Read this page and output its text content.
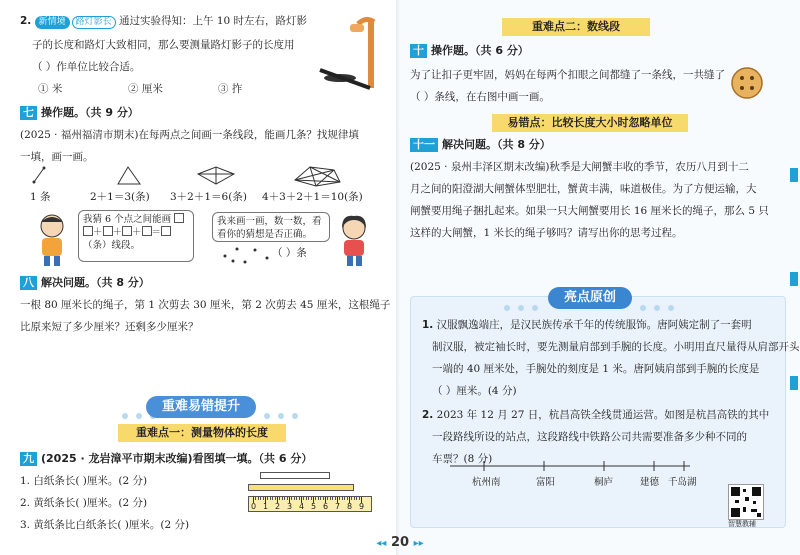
2. 新情境 路灯影长 通过实验得知：上午 10 时左右，路灯影
子的长度和路灯大致相同，那么要测量路灯影子的长度用
（ ）作单位比较合适。
① 米	② 厘米	③ 拃
七 操作题。（共 9 分）
(2025 · 福州福清市期末)在每两点之间画一条线段，能画几条？找规律填
一填，画一画。
1 条	2＋1＝3(条) 3＋2＋1＝6(条) 4＋3＋2＋1＝10(条)
我猜 6 个点之间能画
＋ ＋ ＋ ＝
（条）线段。
我来画一画，数一数，看
看你的猜想是否正确。
（ ）条
八 解决问题。（共 8 分）
一根 80 厘米长的绳子，第 1 次剪去 30 厘米，第 2 次剪去 45 厘米，这根绳子
比原来短了多少厘米？还剩多少厘米？
重难易错提升
重难点一：测量物体的长度
九 (2025 · 龙岩漳平市期末改编)看图填一填。（共 6 分）
1. 白纸条长( )厘米。(2 分)
2. 黄纸条长( )厘米。(2 分)
3. 黄纸条比白纸条长( )厘米。(2 分)
0 1 2 3 4 5 6 7 8 9
重难点二：数线段
十 操作题。（共 6 分）
为了让扣子更牢固，妈妈在每两个扣眼之间都缝了一条线，一共缝了
（ ）条线，在右图中画一画。
易错点：比较长度大小时忽略单位
十一 解决问题。（共 8 分）
(2025 · 泉州丰泽区期末改编)秋季是大闸蟹丰收的季节，农历八月到十二
月之间的阳澄湖大闸蟹体型肥壮，蟹黄丰满，味道极佳。为了方便运输，大
闸蟹要用绳子捆扎起来。如果一只大闸蟹要用长 16 厘米长的绳子，那么 5 只
这样的大闸蟹，1 米长的绳子够吗？请写出你的思考过程。
亮点原创
1. 汉服飘逸端庄，是汉民族传承千年的传统服饰。唐阿姨定制了一套明
制汉服，被定袖长时，要先测量肩部到手腕的长度。小明用直尺量得从肩部开头
一端的 40 厘米处，手腕处的刻度是 1 米。唐阿姨肩部到手腕的长度是
（ ）厘米。(4 分)
2. 2023 年 12 月 27 日，杭昌高铁全线贯通运营。如图是杭昌高铁的其中
一段路线所设的站点，这段路线中铁路公司共需要准备多少种不同的
车票？(8 分)
杭州南	富阳	桐庐	建德 千岛湖
智慧教辅
◂◂ 20 ▸▸
